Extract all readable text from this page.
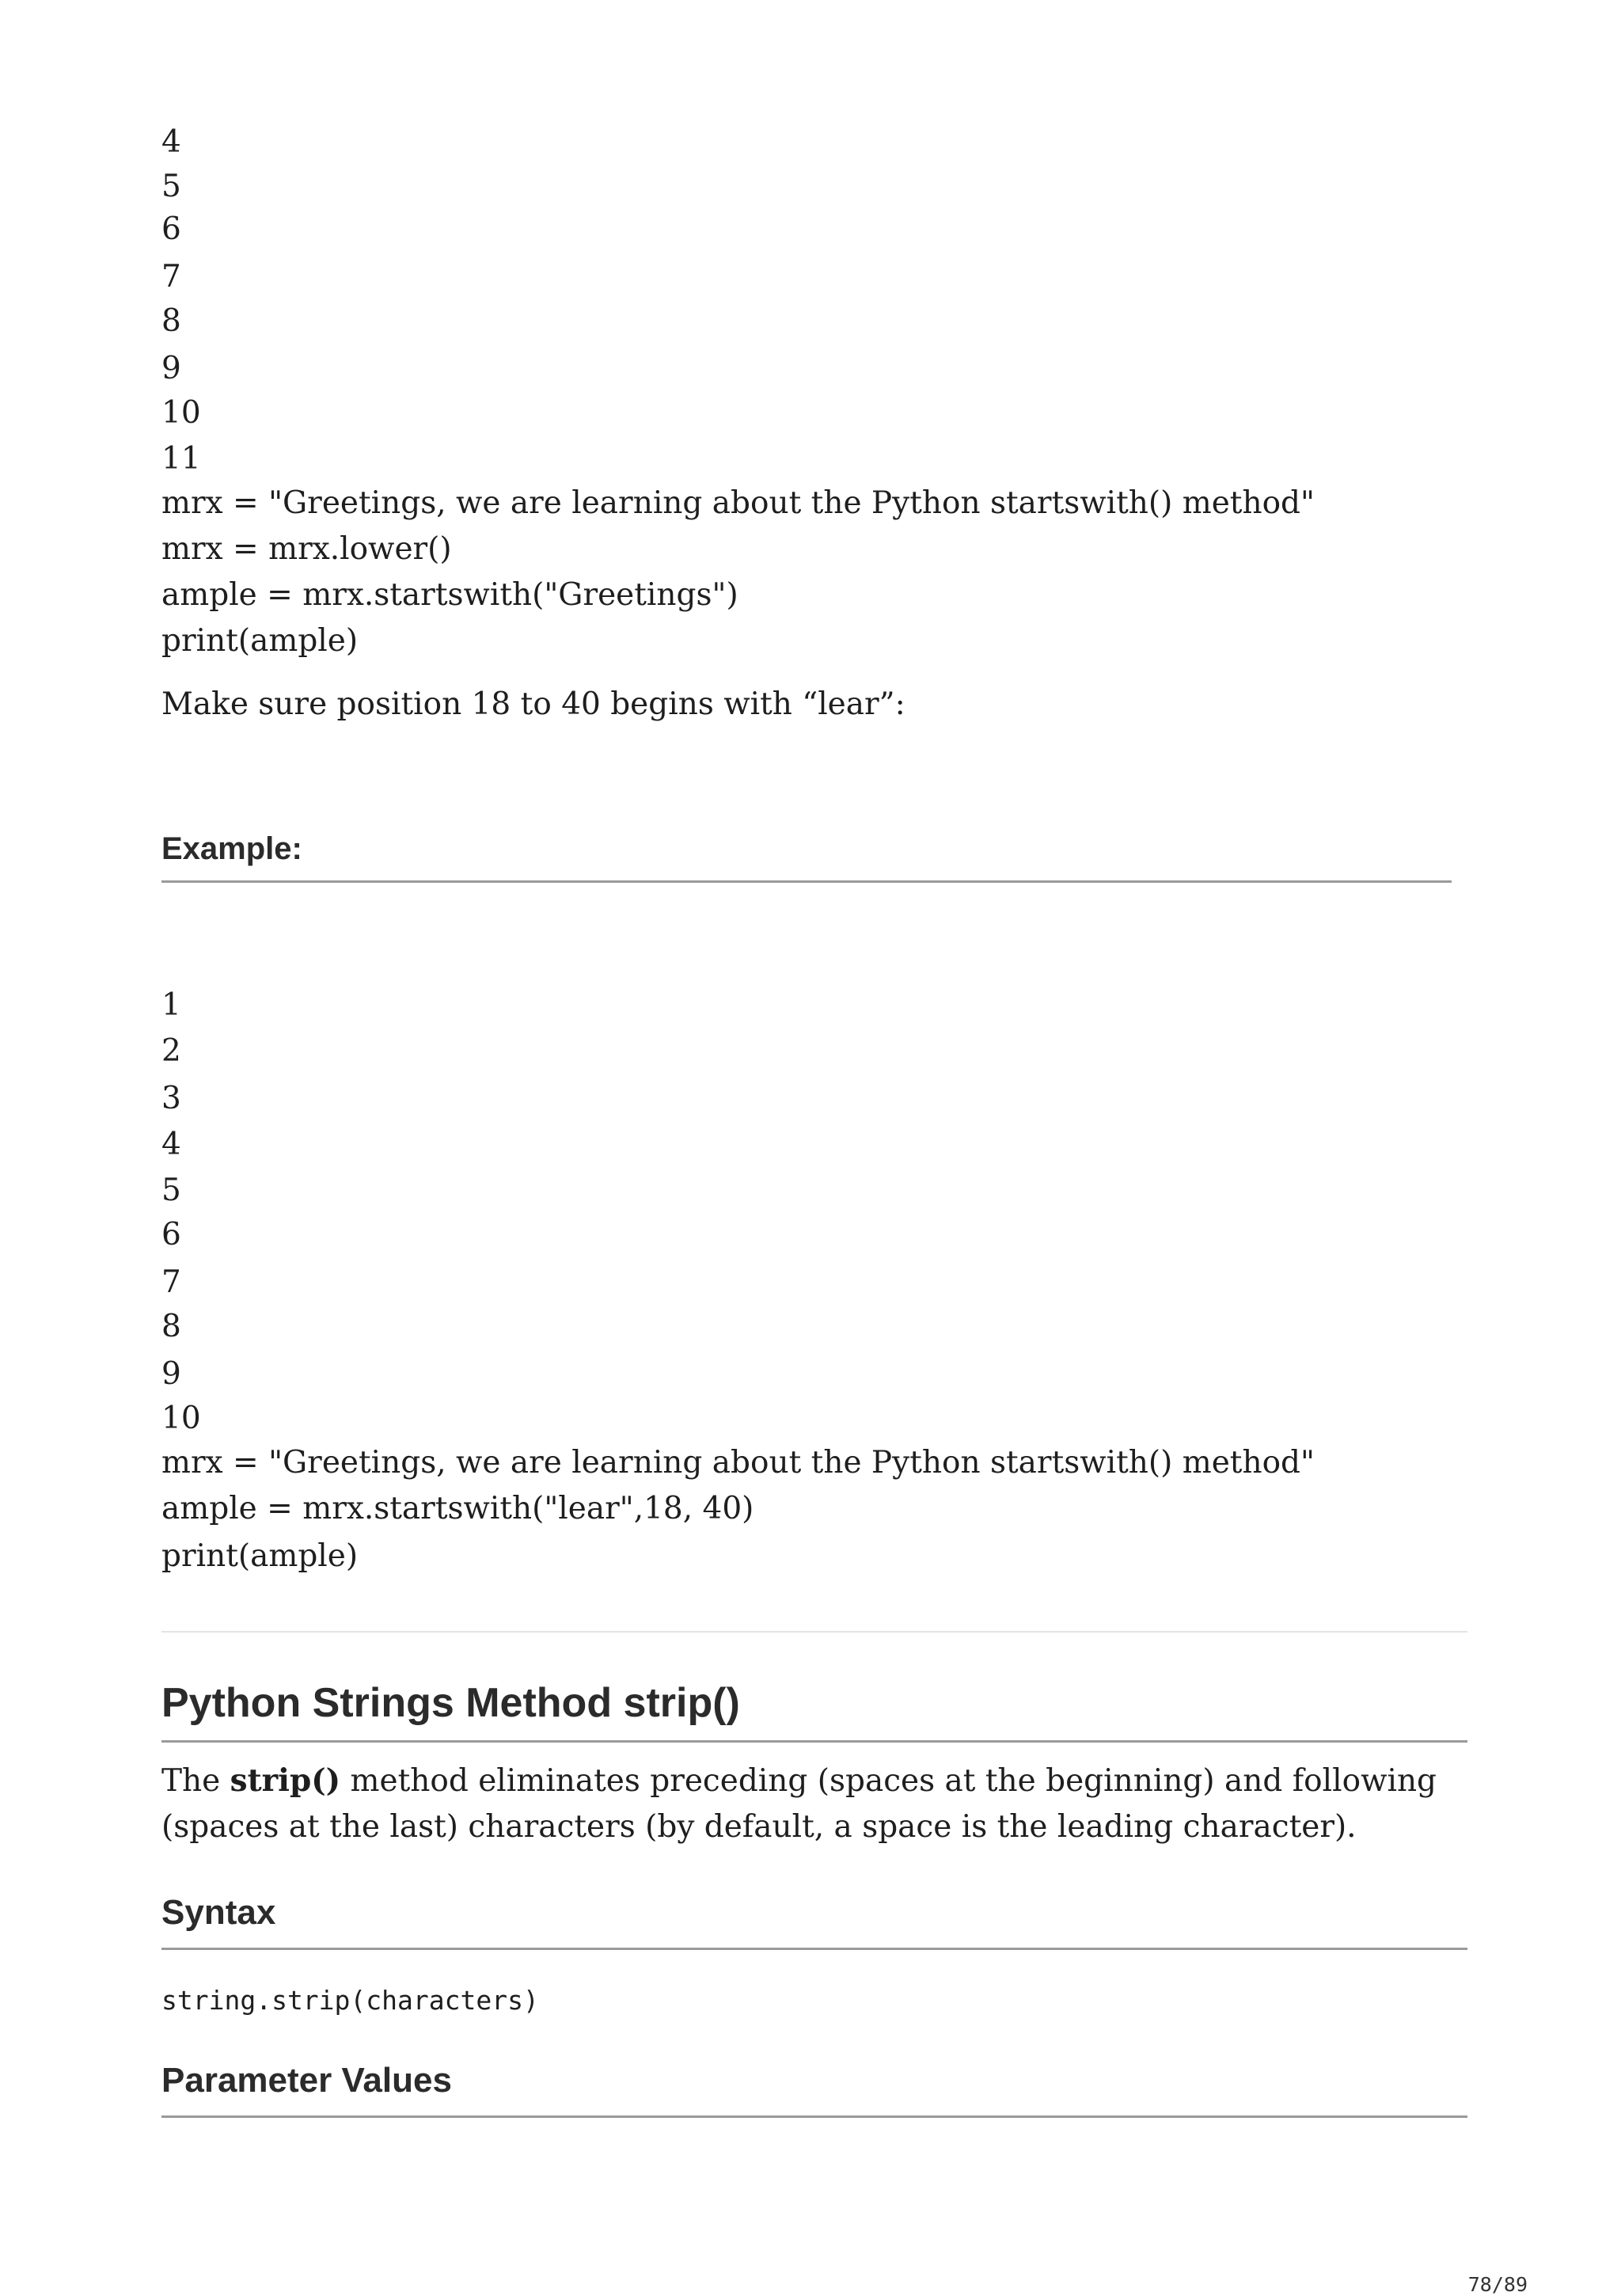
4
5
6
7
8
9
10
11
mrx = "Greetings, we are learning about the Python startswith() method"
mrx = mrx.lower()
ample = mrx.startswith("Greetings")
print(ample)
Make sure position 18 to 40 begins with “lear”:
Example:
1
2
3
4
5
6
7
8
9
10
mrx = "Greetings, we are learning about the Python startswith() method"
ample = mrx.startswith("lear",18, 40)
print(ample)
Python Strings Method strip()
The strip() method eliminates preceding (spaces at the beginning) and following (spaces at the last) characters (by default, a space is the leading character).
Syntax
string.strip(characters)
Parameter Values
78/89
